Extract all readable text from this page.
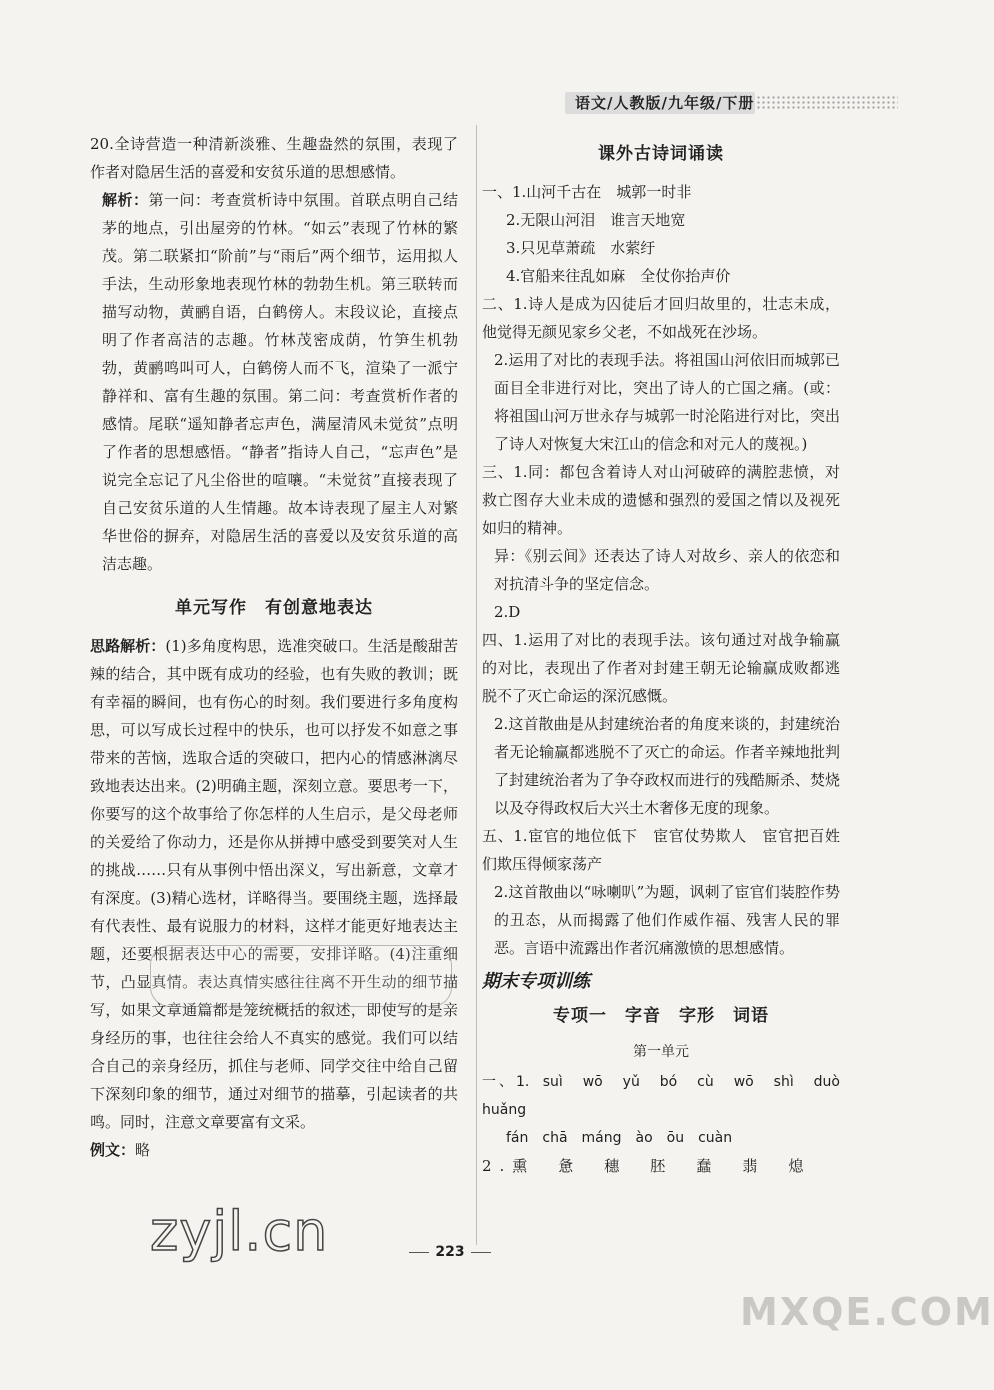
语文/人教版/九年级/下册

20.全诗营造一种清新淡雅、生趣盎然的氛围，表现了作者对隐居生活的喜爱和安贫乐道的思想感情。

解析：第一问：考查赏析诗中氛围。首联点明自己结茅的地点，引出屋旁的竹林。“如云”表现了竹林的繁茂。第二联紧扣“阶前”与“雨后”两个细节，运用拟人手法，生动形象地表现竹林的勃勃生机。第三联转而描写动物，黄鹂自语，白鹤傍人。末段议论，直接点明了作者高洁的志趣。竹林茂密成荫，竹笋生机勃勃，黄鹂鸣叫可人，白鹤傍人而不飞，渲染了一派宁静祥和、富有生趣的氛围。第二问：考查赏析作者的感情。尾联“遥知静者忘声色，满屋清风未觉贫”点明了作者的思想感悟。“静者”指诗人自己，“忘声色”是说完全忘记了凡尘俗世的喧嚷。“未觉贫”直接表现了自己安贫乐道的人生情趣。故本诗表现了屋主人对繁华世俗的摒弃，对隐居生活的喜爱以及安贫乐道的高洁志趣。

单元写作　有创意地表达

思路解析：(1)多角度构思，选准突破口。生活是酸甜苦辣的结合，其中既有成功的经验，也有失败的教训；既有幸福的瞬间，也有伤心的时刻。我们要进行多角度构思，可以写成长过程中的快乐，也可以抒发不如意之事带来的苦恼，选取合适的突破口，把内心的情感淋漓尽致地表达出来。(2)明确主题，深刻立意。要思考一下，你要写的这个故事给了你怎样的人生启示，是父母老师的关爱给了你动力，还是你从拼搏中感受到要笑对人生的挑战……只有从事例中悟出深义，写出新意，文章才有深度。(3)精心选材，详略得当。要围绕主题，选择最有代表性、最有说服力的材料，这样才能更好地表达主题，还要根据表达中心的需要，安排详略。(4)注重细节，凸显真情。表达真情实感往往离不开生动的细节描写，如果文章通篇都是笼统概括的叙述，即使写的是亲身经历的事，也往往会给人不真实的感觉。我们可以结合自己的亲身经历，抓住与老师、同学交往中给自己留下深刻印象的细节，通过对细节的描摹，引起读者的共鸣。同时，注意文章要富有文采。

例文：略

课外古诗词诵读

一、1.山河千古在　城郭一时非

2.无限山河泪　谁言天地宽

3.只见草萧疏　水萦纡

4.官船来往乱如麻　全仗你抬声价

二、1.诗人是成为囚徒后才回归故里的，壮志未成，他觉得无颜见家乡父老，不如战死在沙场。

2.运用了对比的表现手法。将祖国山河依旧而城郭已面目全非进行对比，突出了诗人的亡国之痛。(或：将祖国山河万世永存与城郭一时沦陷进行对比，突出了诗人对恢复大宋江山的信念和对元人的蔑视。)

三、1.同：都包含着诗人对山河破碎的满腔悲愤，对救亡图存大业未成的遗憾和强烈的爱国之情以及视死如归的精神。

异：《别云间》还表达了诗人对故乡、亲人的依恋和对抗清斗争的坚定信念。

2.D

四、1.运用了对比的表现手法。该句通过对战争输赢的对比，表现出了作者对封建王朝无论输赢成败都逃脱不了灭亡命运的深沉感慨。

2.这首散曲是从封建统治者的角度来谈的，封建统治者无论输赢都逃脱不了灭亡的命运。作者辛辣地批判了封建统治者为了争夺政权而进行的残酷厮杀、焚烧以及夺得政权后大兴土木奢侈无度的现象。

五、1.宦官的地位低下　宦官仗势欺人　宦官把百姓们欺压得倾家荡产

2.这首散曲以“咏喇叭”为题，讽刺了宦官们装腔作势的丑态，从而揭露了他们作威作福、残害人民的罪恶。言语中流露出作者沉痛激愤的思想感情。

期末专项训练
专项一　字音　字形　词语
第一单元

一、1. suì　wō　yǔ　bó　cù　wō　shì　duò　huǎng

fán　chā　máng　ào　ōu　cuàn

2.熏　惫　穗　胚　蠢　翡　熄

223
zyjl.cn
MXQE.COM
